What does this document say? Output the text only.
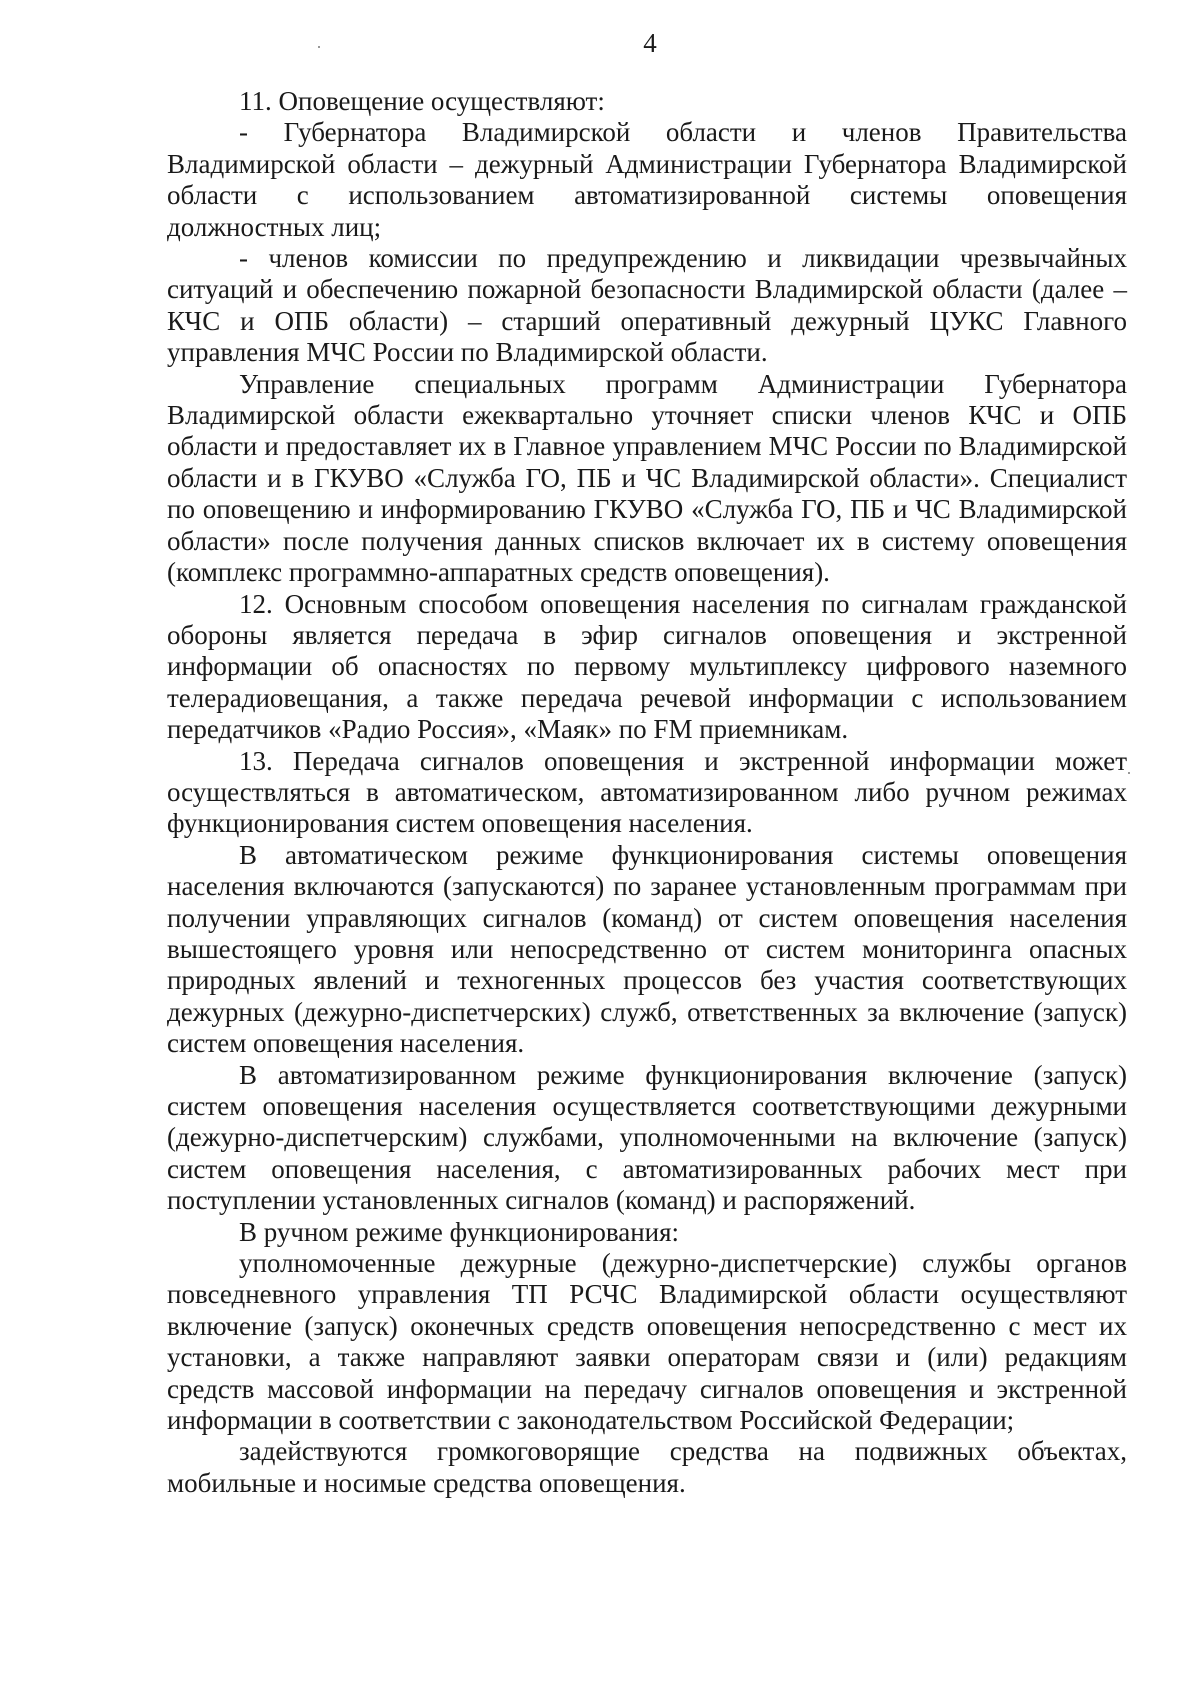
4

11. Оповещение осуществляют:

- Губернатора Владимирской области и членов Правительства Владимирской области – дежурный Администрации Губернатора Владимирской области с использованием автоматизированной системы оповещения должностных лиц;

- членов комиссии по предупреждению и ликвидации чрезвычайных ситуаций и обеспечению пожарной безопасности Владимирской области (далее – КЧС и ОПБ области) – старший оперативный дежурный ЦУКС Главного управления МЧС России по Владимирской области.

Управление специальных программ Администрации Губернатора Владимирской области ежеквартально уточняет списки членов КЧС и ОПБ области и предоставляет их в Главное управлением МЧС России по Владимирской области и в ГКУВО «Служба ГО, ПБ и ЧС Владимирской области». Специалист по оповещению и информированию ГКУВО «Служба ГО, ПБ и ЧС Владимирской области» после получения данных списков включает их в систему оповещения (комплекс программно-аппаратных средств оповещения).

12. Основным способом оповещения населения по сигналам гражданской обороны является передача в эфир сигналов оповещения и экстренной информации об опасностях по первому мультиплексу цифрового наземного телерадиовещания, а также передача речевой информации с использованием передатчиков «Радио Россия», «Маяк» по FM приемникам.

13. Передача сигналов оповещения и экстренной информации может осуществляться в автоматическом, автоматизированном либо ручном режимах функционирования систем оповещения населения.

В автоматическом режиме функционирования системы оповещения населения включаются (запускаются) по заранее установленным программам при получении управляющих сигналов (команд) от систем оповещения населения вышестоящего уровня или непосредственно от систем мониторинга опасных природных явлений и техногенных процессов без участия соответствующих дежурных (дежурно-диспетчерских) служб, ответственных за включение (запуск) систем оповещения населения.

В автоматизированном режиме функционирования включение (запуск) систем оповещения населения осуществляется соответствующими дежурными (дежурно-диспетчерским) службами, уполномоченными на включение (запуск) систем оповещения населения, с автоматизированных рабочих мест при поступлении установленных сигналов (команд) и распоряжений.

В ручном режиме функционирования:

уполномоченные дежурные (дежурно-диспетчерские) службы органов повседневного управления ТП РСЧС Владимирской области осуществляют включение (запуск) оконечных средств оповещения непосредственно с мест их установки, а также направляют заявки операторам связи и (или) редакциям средств массовой информации на передачу сигналов оповещения и экстренной информации в соответствии с законодательством Российской Федерации;

задействуются громкоговорящие средства на подвижных объектах, мобильные и носимые средства оповещения.
